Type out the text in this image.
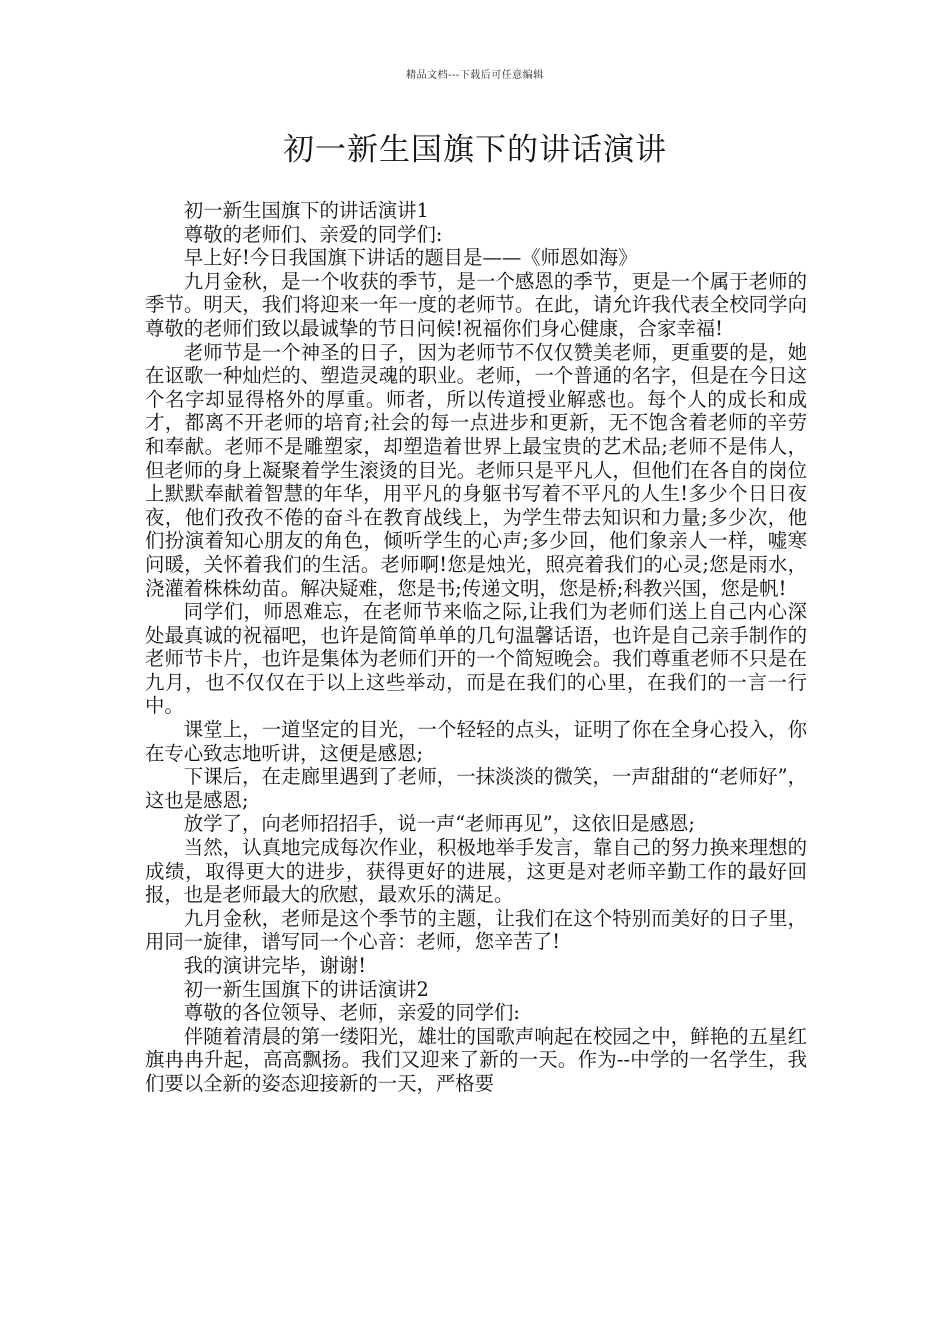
精品文档---下载后可任意编辑
初一新生国旗下的讲话演讲

初一新生国旗下的讲话演讲1

尊敬的老师们、亲爱的同学们:

早上好!今日我国旗下讲话的题目是——《师恩如海》

九月金秋，是一个收获的季节，是一个感恩的季节，更是一个属于老师的季节。明天，我们将迎来一年一度的老师节。在此，请允许我代表全校同学向尊敬的老师们致以最诚挚的节日问候!祝福你们身心健康，合家幸福!

老师节是一个神圣的日子，因为老师节不仅仅赞美老师，更重要的是，她在讴歌一种灿烂的、塑造灵魂的职业。老师，一个普通的名字，但是在今日这个名字却显得格外的厚重。师者，所以传道授业解惑也。每个人的成长和成才，都离不开老师的培育;社会的每一点进步和更新，无不饱含着老师的辛劳和奉献。老师不是雕塑家，却塑造着世界上最宝贵的艺术品;老师不是伟人，但老师的身上凝聚着学生滚烫的目光。老师只是平凡人，但他们在各自的岗位上默默奉献着智慧的年华，用平凡的身躯书写着不平凡的人生!多少个日日夜夜，他们孜孜不倦的奋斗在教育战线上，为学生带去知识和力量;多少次，他们扮演着知心朋友的角色，倾听学生的心声;多少回，他们象亲人一样，嘘寒问暖，关怀着我们的生活。老师啊!您是烛光，照亮着我们的心灵;您是雨水，浇灌着株株幼苗。解决疑难，您是书;传递文明，您是桥;科教兴国，您是帆!

同学们，师恩难忘，在老师节来临之际,让我们为老师们送上自己内心深处最真诚的祝福吧，也许是简简单单的几句温馨话语，也许是自己亲手制作的老师节卡片，也许是集体为老师们开的一个简短晚会。我们尊重老师不只是在九月，也不仅仅在于以上这些举动，而是在我们的心里，在我们的一言一行中。

课堂上，一道坚定的目光，一个轻轻的点头，证明了你在全身心投入，你在专心致志地听讲，这便是感恩;

下课后，在走廊里遇到了老师，一抹淡淡的微笑，一声甜甜的“老师好”，这也是感恩;

放学了，向老师招招手，说一声“老师再见”，这依旧是感恩;

当然，认真地完成每次作业，积极地举手发言，靠自己的努力换来理想的成绩，取得更大的进步，获得更好的进展，这更是对老师辛勤工作的最好回报，也是老师最大的欣慰，最欢乐的满足。

九月金秋，老师是这个季节的主题，让我们在这个特别而美好的日子里，用同一旋律，谱写同一个心音：老师，您辛苦了!

我的演讲完毕，谢谢!

初一新生国旗下的讲话演讲2

尊敬的各位领导、老师，亲爱的同学们:

伴随着清晨的第一缕阳光，雄壮的国歌声响起在校园之中，鲜艳的五星红旗冉冉升起，高高飘扬。我们又迎来了新的一天。作为--中学的一名学生，我们要以全新的姿态迎接新的一天，严格要
